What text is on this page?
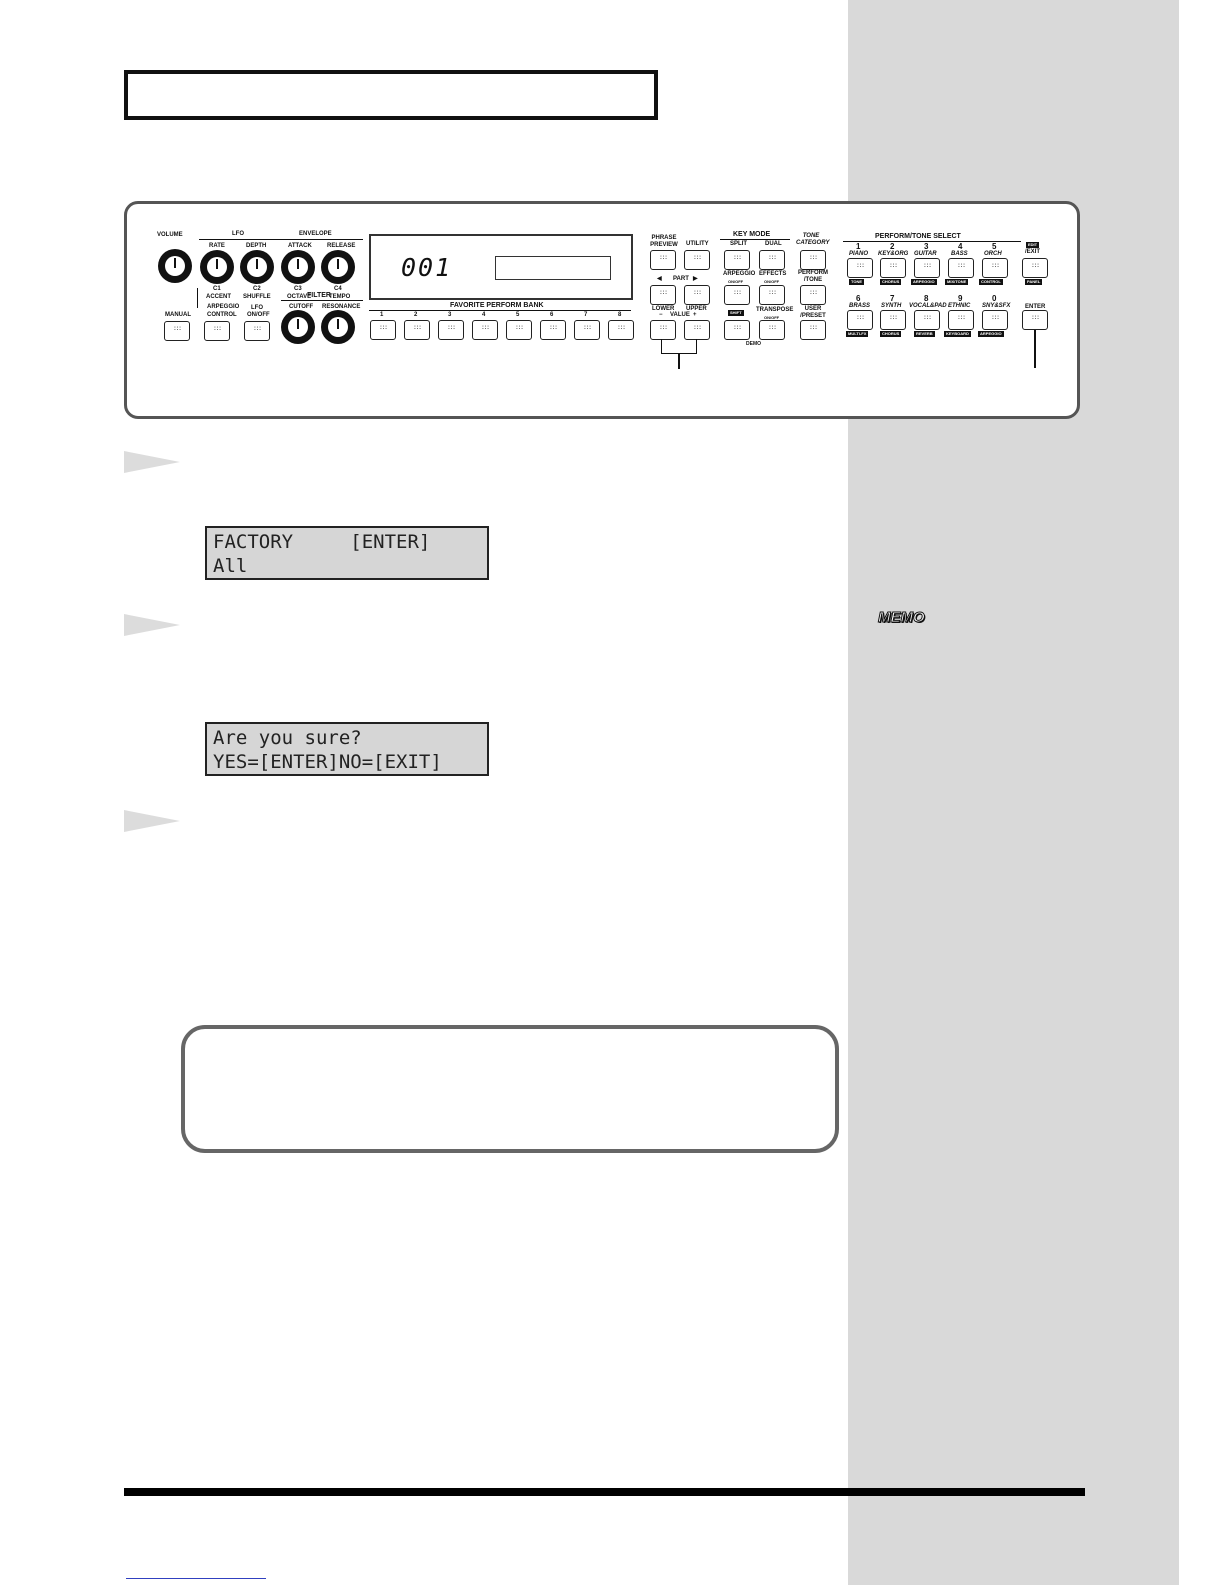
VOLUME	LFO
RATE	DEPTH
C1	C2
ACCENT SHUFFLE
ENVELOPE
ATTACK	RELEASE
C3	C4
OCTAVE	TEMPO
ARPEGGIO
CONTROL
MANUAL
:::
:::
LFO
ON/OFF
:::
FILTER
CUTOFF RESONANCE
001
FAVORITE PERFORM BANK
1	2	3	4	5	6	7	8
:::
:::
:::
:::
:::
:::
:::
:::
PHRASE PREVIEW UTILITY
:::
:::
PART
◀	▶
:::
:::
LOWER UPPER
− VALUE +
:::
:::
KEY MODE
SPLIT	DUAL
:::
:::
ARPEGGIO
ON/OFF
EFFECTS
ON/OFF
:::
:::
SHIFT	TRANSPOSE
ON/OFF
:::
:::
DEMO
TONE CATEGORY
:::
PERFORM /TONE
:::
USER /PRESET
:::
PERFORM/TONE SELECT
1
PIANO
:::
TONE
2
KEY&ORG
:::
CHORUS
3
GUITAR
:::
ARPEGGIO
4
BASS
:::
MIX/TONE
5
ORCH
:::
CONTROL
6
BRASS
:::
MULTI-FX
7
SYNTH
:::
CHORUS
8
VOCAL&PAD
:::
REVERB
9
ETHNIC
:::
KEYBOARD
0
SNY&SFX
:::
ARPEGGIO
EDIT
/EXIT
:::
PANEL
ENTER
:::
FACTORY     [ENTER]
All
Are you sure?
YES=[ENTER]NO=[EXIT]
MEMO
